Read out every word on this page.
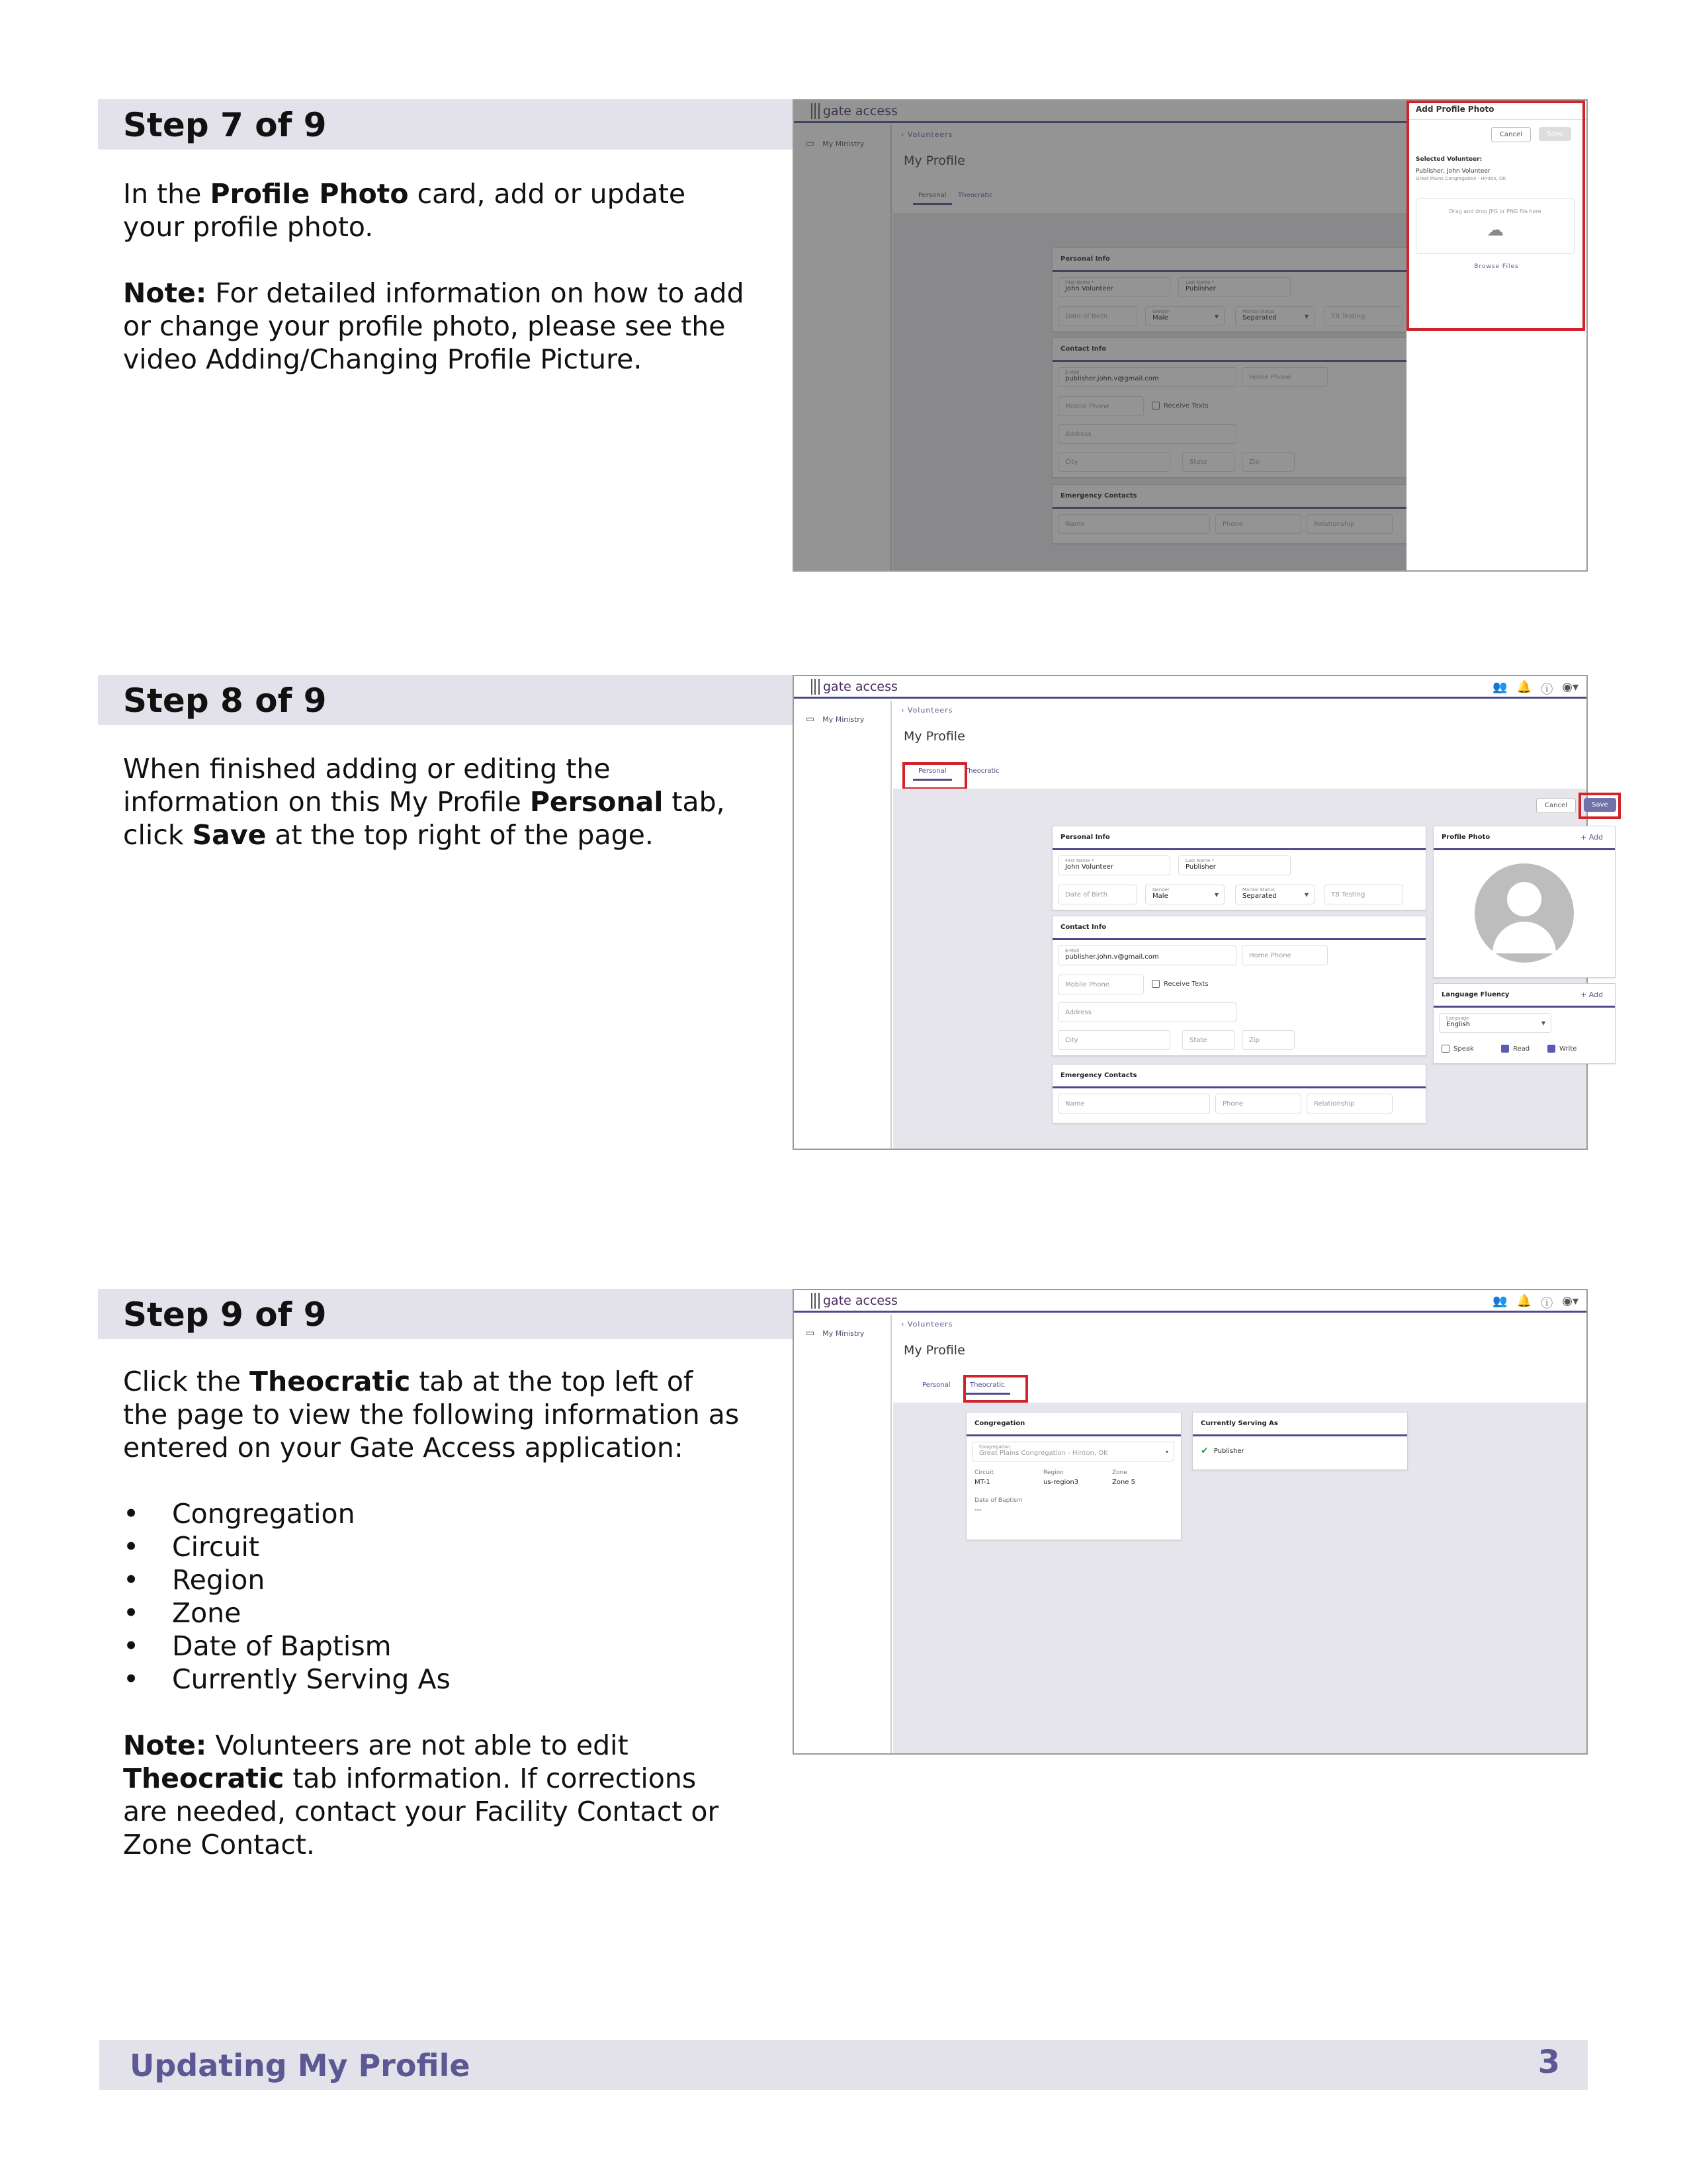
Step 7 of 9
In the Profile Photo card, add or update your profile photo.
Note: For detailed information on how to add or change your profile photo, please see the video Adding/Changing Profile Picture.
Add Profile Photo
Cancel	Save
Selected Volunteer:
Publisher, John Volunteer
Great Plains Congregation - Hinton, OK
Drag and drop JPG or PNG file here
☁
Browse Files
Step 8 of 9
When finished adding or editing the information on this My Profile Personal tab, click Save at the top right of the page.
gate access	👥 🔔 ⓘ ◉▾
▭ My Ministry
‹ Volunteers
My Profile
Personal	Theocratic
Cancel	Save
Personal Info
First Name *
John Volunteer
Last Name *
Publisher
Date of Birth
Gender
Male	▼
Marital Status
Separated	▼	TB Testing
Contact Info
E-Mail
publisher.john.v@gmail.com	Home Phone
Mobile Phone	Receive Texts
Address
City	State	Zip
Emergency Contacts
Name	Phone	Relationship
Profile Photo	+ Add
Language Fluency	+ Add
Language
English	▼
Speak	Read	Write
Step 9 of 9
Click the Theocratic tab at the top left of the page to view the following information as entered on your Gate Access application:
• Congregation
• Circuit
• Region
• Zone
• Date of Baptism
• Currently Serving As
Note: Volunteers are not able to edit Theocratic tab information. If corrections are needed, contact your Facility Contact or Zone Contact.
gate access	👥 🔔 ⓘ ◉▾
▭ My Ministry
‹ Volunteers
My Profile
Personal	Theocratic
Congregation
Congregation
Great Plains Congregation - Hinton, OK	▾
Circuit
MT-1
Region
us-region3
Zone
Zone 5
Date of Baptism
---
Currently Serving As
✔ Publisher
Updating My Profile	3
